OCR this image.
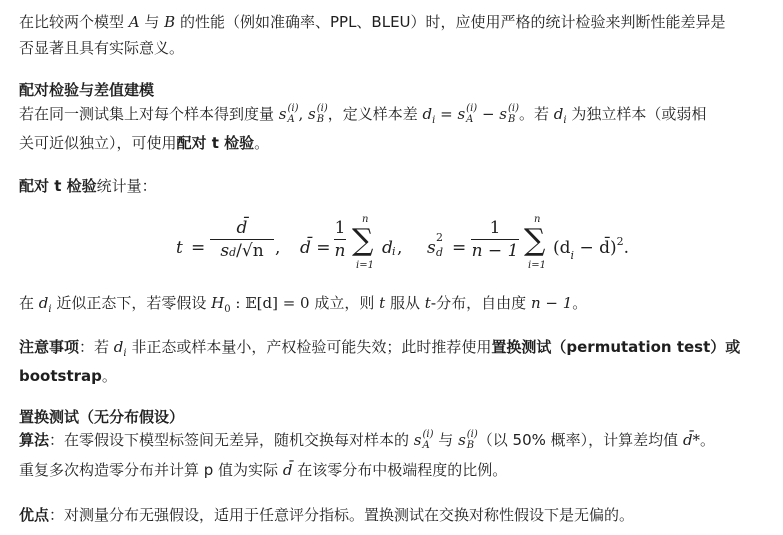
在比较两个模型 A 与 B 的性能（例如准确率、PPL、BLEU）时，应使用严格的统计检验来判断性能差异是
否显著且具有实际意义。
配对检验与差值建模
若在同一测试集上对每个样本得到度量 s (i)
A , s (i)
B ，定义样本差 $d_i = s$ (i)
A − s (i)
B 。若 $d_i$ 为独立样本（或弱相
关可近似独立），可使用配对 t 检验。
配对 t 检验统计量：
t =
d̄
sd/√n , d̄ =
1
n
n
∑
i=1
d i , s
2
d =
1
n − 1
n
∑
i=1
($d_i$ − d̄)$^2$.
在 $d_i$ 近似正态下，若零假设 $H_0$ : 𝔼[d] = 0 成立，则 t 服从 t-分布，自由度 n − 1。
注意事项：若 $d_i$ 非正态或样本量小，产权检验可能失效；此时推荐使用置换测试（permutation test）或
bootstrap。
置换测试（无分布假设）
算法：在零假设下模型标签间无差异，随机交换每对样本的 s (i)
A 与 s (i)
B （以 50% 概率），计算差均值 d̄*。
重复多次构造零分布并计算 p 值为实际 d̄ 在该零分布中极端程度的比例。
优点：对测量分布无强假设，适用于任意评分指标。置换测试在交换对称性假设下是无偏的。
